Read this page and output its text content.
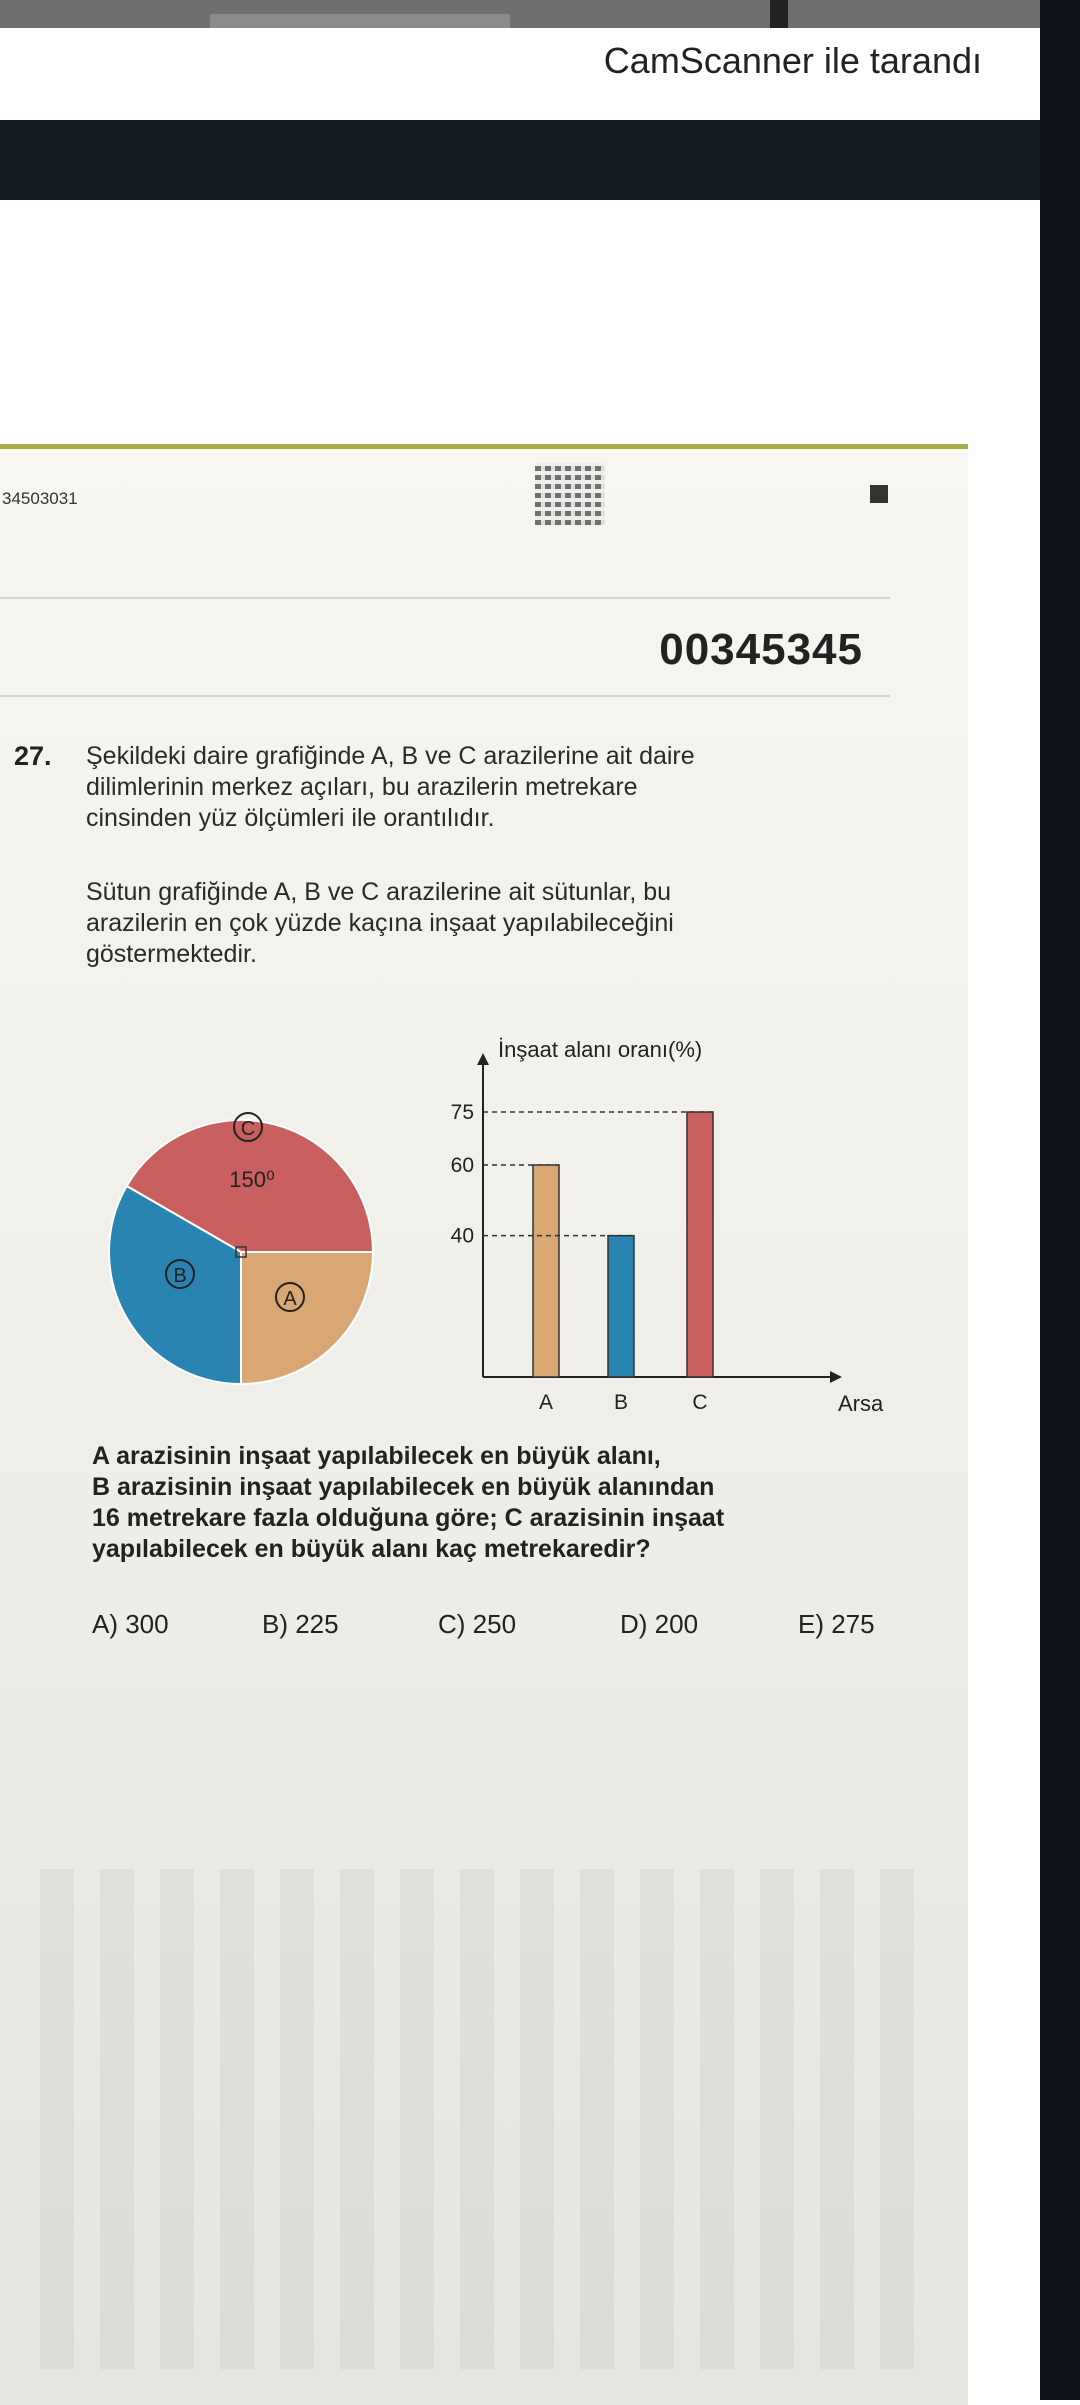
CamScanner ile tarandı
34503031
00345345
27. Şekildeki daire grafiğinde A, B ve C arazilerine ait daire
dilimlerinin merkez açıları, bu arazilerin metrekare
cinsinden yüz ölçümleri ile orantılıdır.

Sütun grafiğinde A, B ve C arazilerine ait sütunlar, bu
arazilerin en çok yüzde kaçına inşaat yapılabileceğini
göstermektedir.

C
B
A
150⁰
İnşaat alanı oranı(%)
Arsa
40
60
75
A	B	C

A arazisinin inşaat yapılabilecek en büyük alanı,
B arazisinin inşaat yapılabilecek en büyük alanından
16 metrekare fazla olduğuna göre; C arazisinin inşaat
yapılabilecek en büyük alanı kaç metrekaredir?

A) 300	B) 225	C) 250	D) 200	E) 275
